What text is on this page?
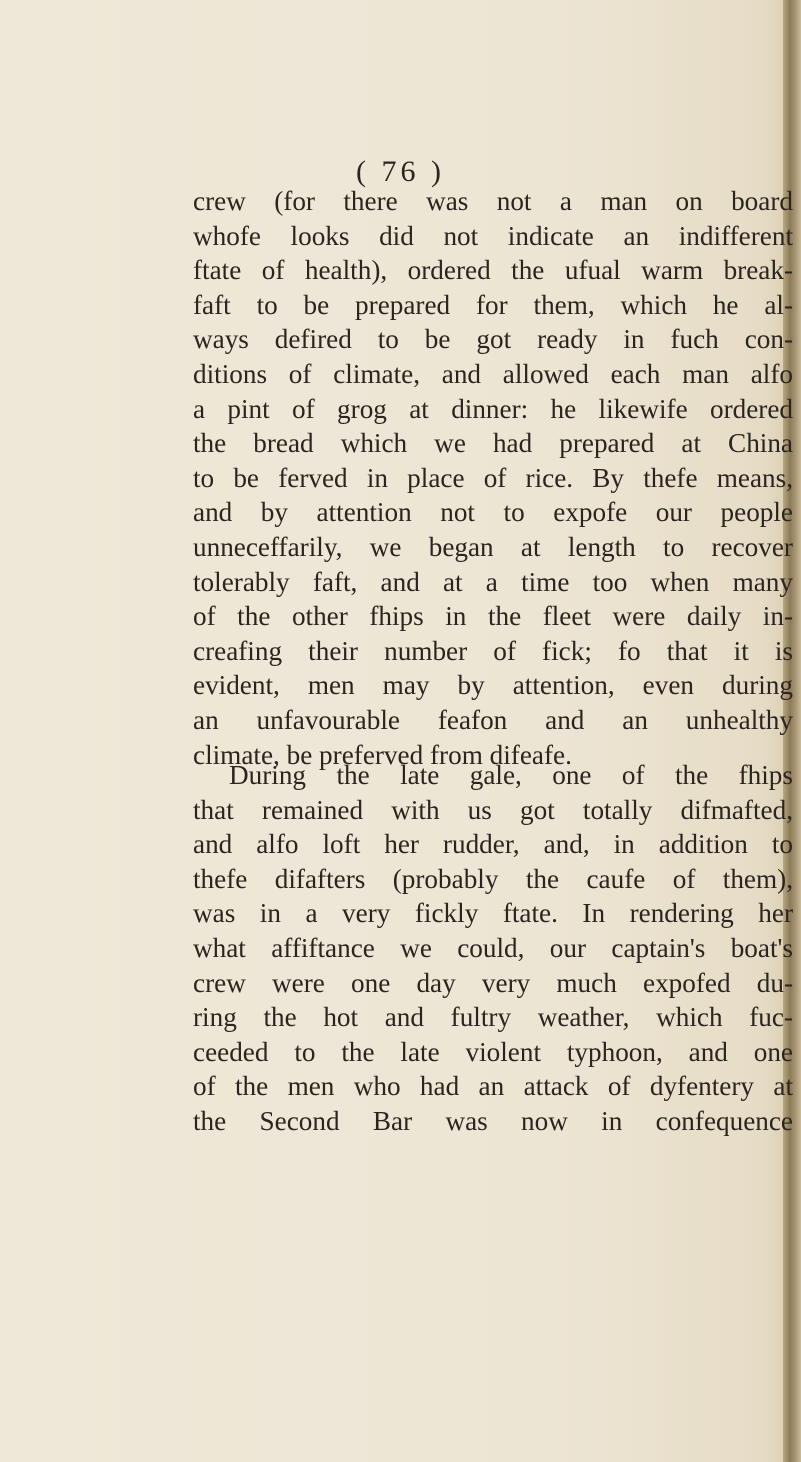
( 76 )
crew (for there was not a man on board
whofe looks did not indicate an indifferent
ftate of health), ordered the ufual warm break-
faft to be prepared for them, which he al-
ways defired to be got ready in fuch con-
ditions of climate, and allowed each man alfo
a pint of grog at dinner: he likewife ordered
the bread which we had prepared at China
to be ferved in place of rice. By thefe means,
and by attention not to expofe our people
unneceffarily, we began at length to recover
tolerably faft, and at a time too when many
of the other fhips in the fleet were daily in-
creafing their number of fick; fo that it is
evident, men may by attention, even during
an unfavourable feafon and an unhealthy
climate, be preferved from difeafe.
During the late gale, one of the fhips
that remained with us got totally difmafted,
and alfo loft her rudder, and, in addition to
thefe difafters (probably the caufe of them),
was in a very fickly ftate. In rendering her
what affiftance we could, our captain's boat's
crew were one day very much expofed du-
ring the hot and fultry weather, which fuc-
ceeded to the late violent typhoon, and one
of the men who had an attack of dyfentery at
the Second Bar was now in confequence
